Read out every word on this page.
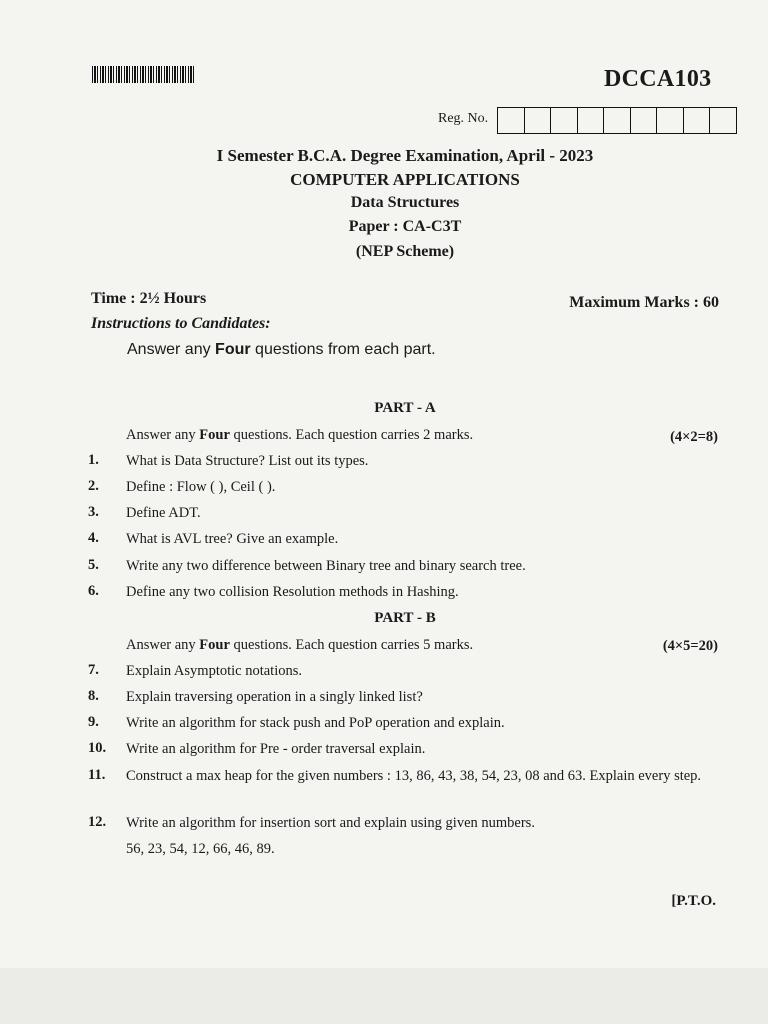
DCCA103
Reg. No.
I Semester B.C.A. Degree Examination, April - 2023
COMPUTER APPLICATIONS
Data Structures
Paper : CA-C3T
(NEP Scheme)
Time : 2½ Hours	Maximum Marks : 60
Instructions to Candidates:
Answer any Four questions from each part.
PART - A
Answer any Four questions. Each question carries 2 marks.	(4×2=8)
1. What is Data Structure? List out its types.
2. Define : Flow ( ), Ceil ( ).
3. Define ADT.
4. What is AVL tree? Give an example.
5. Write any two difference between Binary tree and binary search tree.
6. Define any two collision Resolution methods in Hashing.
PART - B
Answer any Four questions. Each question carries 5 marks.	(4×5=20)
7. Explain Asymptotic notations.
8. Explain traversing operation in a singly linked list?
9. Write an algorithm for stack push and PoP operation and explain.
10. Write an algorithm for Pre - order traversal explain.
11. Construct a max heap for the given numbers : 13, 86, 43, 38, 54, 23, 08 and 63. Explain every step.
12. Write an algorithm for insertion sort and explain using given numbers.
56, 23, 54, 12, 66, 46, 89.
[P.T.O.
